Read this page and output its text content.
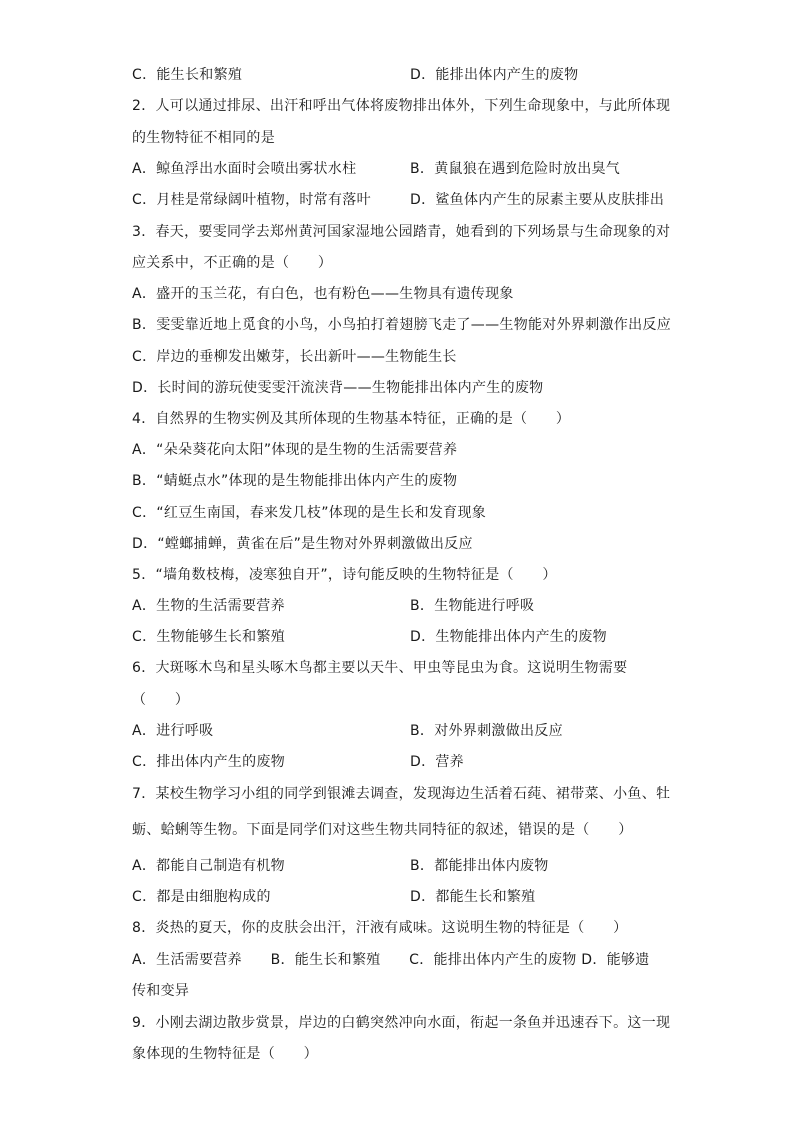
C．能生长和繁殖	D．能排出体内产生的废物
2．人可以通过排尿、出汗和呼出气体将废物排出体外，下列生命现象中，与此所体现
的生物特征不相同的是
A．鲸鱼浮出水面时会喷出雾状水柱	B．黄鼠狼在遇到危险时放出臭气
C．月桂是常绿阔叶植物，时常有落叶	D．鲨鱼体内产生的尿素主要从皮肤排出
3．春天，要雯同学去郑州黄河国家湿地公园踏青，她看到的下列场景与生命现象的对
应关系中，不正确的是（　　）
A．盛开的玉兰花，有白色，也有粉色——生物具有遗传现象
B．雯雯靠近地上觅食的小鸟，小鸟拍打着翅膀飞走了——生物能对外界刺激作出反应
C．岸边的垂柳发出嫩芽，长出新叶——生物能生长
D．长时间的游玩使雯雯汗流浃背——生物能排出体内产生的废物
4．自然界的生物实例及其所体现的生物基本特征，正确的是（　　）
A．“朵朵葵花向太阳”体现的是生物的生活需要营养
B．“蜻蜓点水”体现的是生物能排出体内产生的废物
C．“红豆生南国，春来发几枝”体现的是生长和发育现象
D．“螳螂捕蝉，黄雀在后”是生物对外界刺激做出反应
5．“墙角数枝梅，凌寒独自开”，诗句能反映的生物特征是（　　）
A．生物的生活需要营养	B．生物能进行呼吸
C．生物能够生长和繁殖	D．生物能排出体内产生的废物
6．大斑啄木鸟和星头啄木鸟都主要以天牛、甲虫等昆虫为食。这说明生物需要
（　　）
A．进行呼吸	B．对外界刺激做出反应
C．排出体内产生的废物	D．营养
7．某校生物学习小组的同学到银滩去调查，发现海边生活着石莼、裙带菜、小鱼、牡
蛎、蛤蜊等生物。下面是同学们对这些生物共同特征的叙述，错误的是（　　）
A．都能自己制造有机物	B．都能排出体内废物
C．都是由细胞构成的	D．都能生长和繁殖
8．炎热的夏天，你的皮肤会出汗，汗液有咸味。这说明生物的特征是（　　）
A．生活需要营养　　B．能生长和繁殖　　C．能排出体内产生的废物 D．能够遗
传和变异
9．小刚去湖边散步赏景，岸边的白鹤突然冲向水面，衔起一条鱼并迅速吞下。这一现
象体现的生物特征是（　　）
